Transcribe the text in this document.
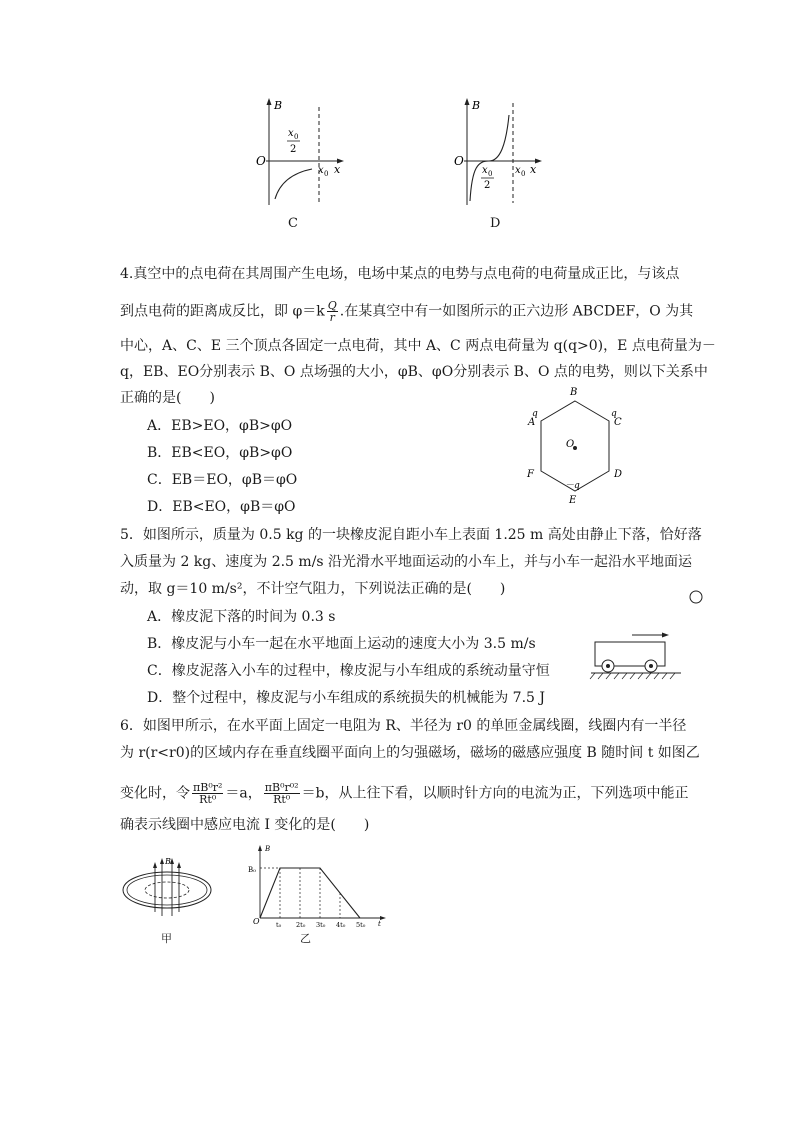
B
O
x
x 0
2
x 0
C
B
O
x
x 0
2
x 0
D
4.真空中的点电荷在其周围产生电场，电场中某点的电势与点电荷的电荷量成正比，与该点
到点电荷的距离成反比，即 $\varphi=k \frac{Q}{r}$ .在某真空中有一如图所示的正六边形 ABCDEF，O 为其
中心，A、C、E 三个顶点各固定一点电荷，其中 A、C 两点电荷量为 q(q>0)，E 点电荷量为－
q，EB、EO分别表示 B、O 点场强的大小，φB、φO分别表示 B、O 点的电势，则以下关系中
正确的是(　　)
A．EB>EO，φB>φO
B．EB<EO，φB>φO
C．EB＝EO，φB＝φO
D．EB<EO，φB＝φO
B
A
q
C
q
D
F
E
－q
O
5．如图所示，质量为 0.5 kg 的一块橡皮泥自距小车上表面 1.25 m 高处由静止下落，恰好落
入质量为 2 kg、速度为 2.5 m/s 沿光滑水平地面运动的小车上，并与小车一起沿水平地面运
动，取 g＝10 m/s²，不计空气阻力，下列说法正确的是(　　)
A．橡皮泥下落的时间为 0.3 s
B．橡皮泥与小车一起在水平地面上运动的速度大小为 3.5 m/s
C．橡皮泥落入小车的过程中，橡皮泥与小车组成的系统动量守恒
D．整个过程中，橡皮泥与小车组成的系统损失的机械能为 7.5 J
6．如图甲所示，在水平面上固定一电阻为 R、半径为 r0 的单匝金属线圈，线圈内有一半径
为 r(r<r0)的区域内存在垂直线圈平面向上的匀强磁场，磁场的磁感应强度 B 随时间 t 如图乙
变化时，令 $\frac{\text{πB⁰r²}}{\text{Rt⁰}} =a$， $\frac{\text{πB⁰r⁰²}}{\text{Rt⁰}} =b$，从上往下看，以顺时针方向的电流为正，下列选项中能正
确表示线圈中感应电流 I 变化的是(　　)
B
甲
B
t
O
B₀
t₀ 2t₀ 3t₀ 4t₀ 5t₀
乙
